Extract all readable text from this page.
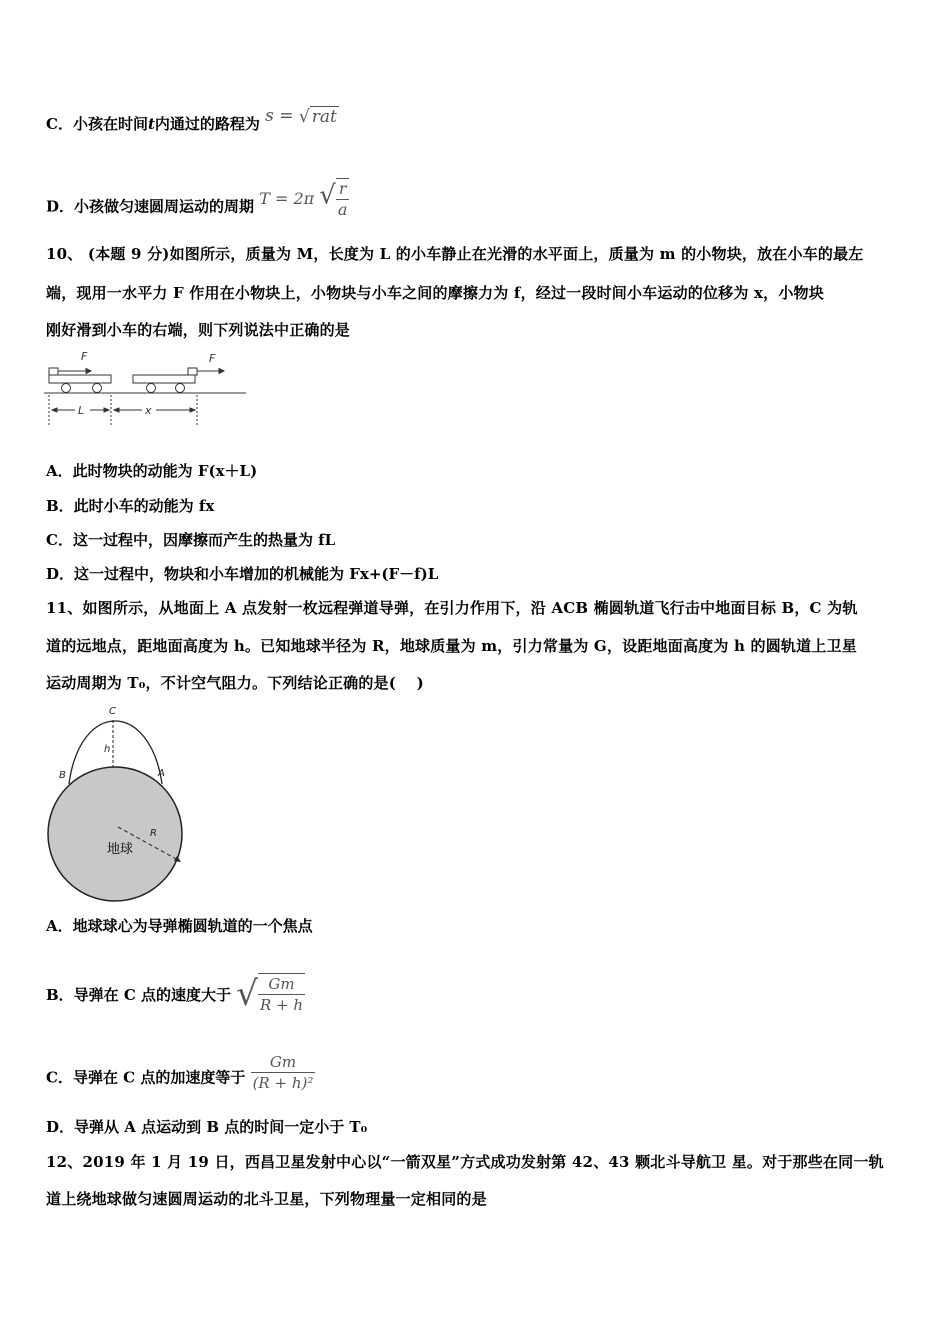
C．小孩在时间t内通过的路程为 s = √ rat
D．小孩做匀速圆周运动的周期 T = 2π √ $\frac{r}{a}$
10、 (本题 9 分)如图所示，质量为 M，长度为 L 的小车静止在光滑的水平面上，质量为 m 的小物块，放在小车的最左
端，现用一水平力 F 作用在小物块上，小物块与小车之间的摩擦力为 f，经过一段时间小车运动的位移为 x，小物块
刚好滑到小车的右端，则下列说法中正确的是
F	F
L	x
A．此时物块的动能为 F(x＋L)
B．此时小车的动能为 fx
C．这一过程中，因摩擦而产生的热量为 fL
D．这一过程中，物块和小车增加的机械能为 Fx+(F－f)L
11、如图所示，从地面上 A 点发射一枚远程弹道导弹，在引力作用下，沿 ACB 椭圆轨道飞行击中地面目标 B，C 为轨
道的远地点，距地面高度为 h。已知地球半径为 R，地球质量为 m，引力常量为 G，设距地面高度为 h 的圆轨道上卫星
运动周期为 T₀，不计空气阻力。下列结论正确的是(　 )
C
h
B	A
R
地球
A．地球球心为导弹椭圆轨道的一个焦点
B．导弹在 C 点的速度大于 √ $\frac{Gm}{R + h}$
C．导弹在 C 点的加速度等于 $\frac{Gm}{\text{(R + h)²}}$
D．导弹从 A 点运动到 B 点的时间一定小于 T₀
12、2019 年 1 月 19 日，西昌卫星发射中心以“一箭双星”方式成功发射第 42、43 颗北斗导航卫 星。对于那些在同一轨
道上绕地球做匀速圆周运动的北斗卫星，下列物理量一定相同的是
